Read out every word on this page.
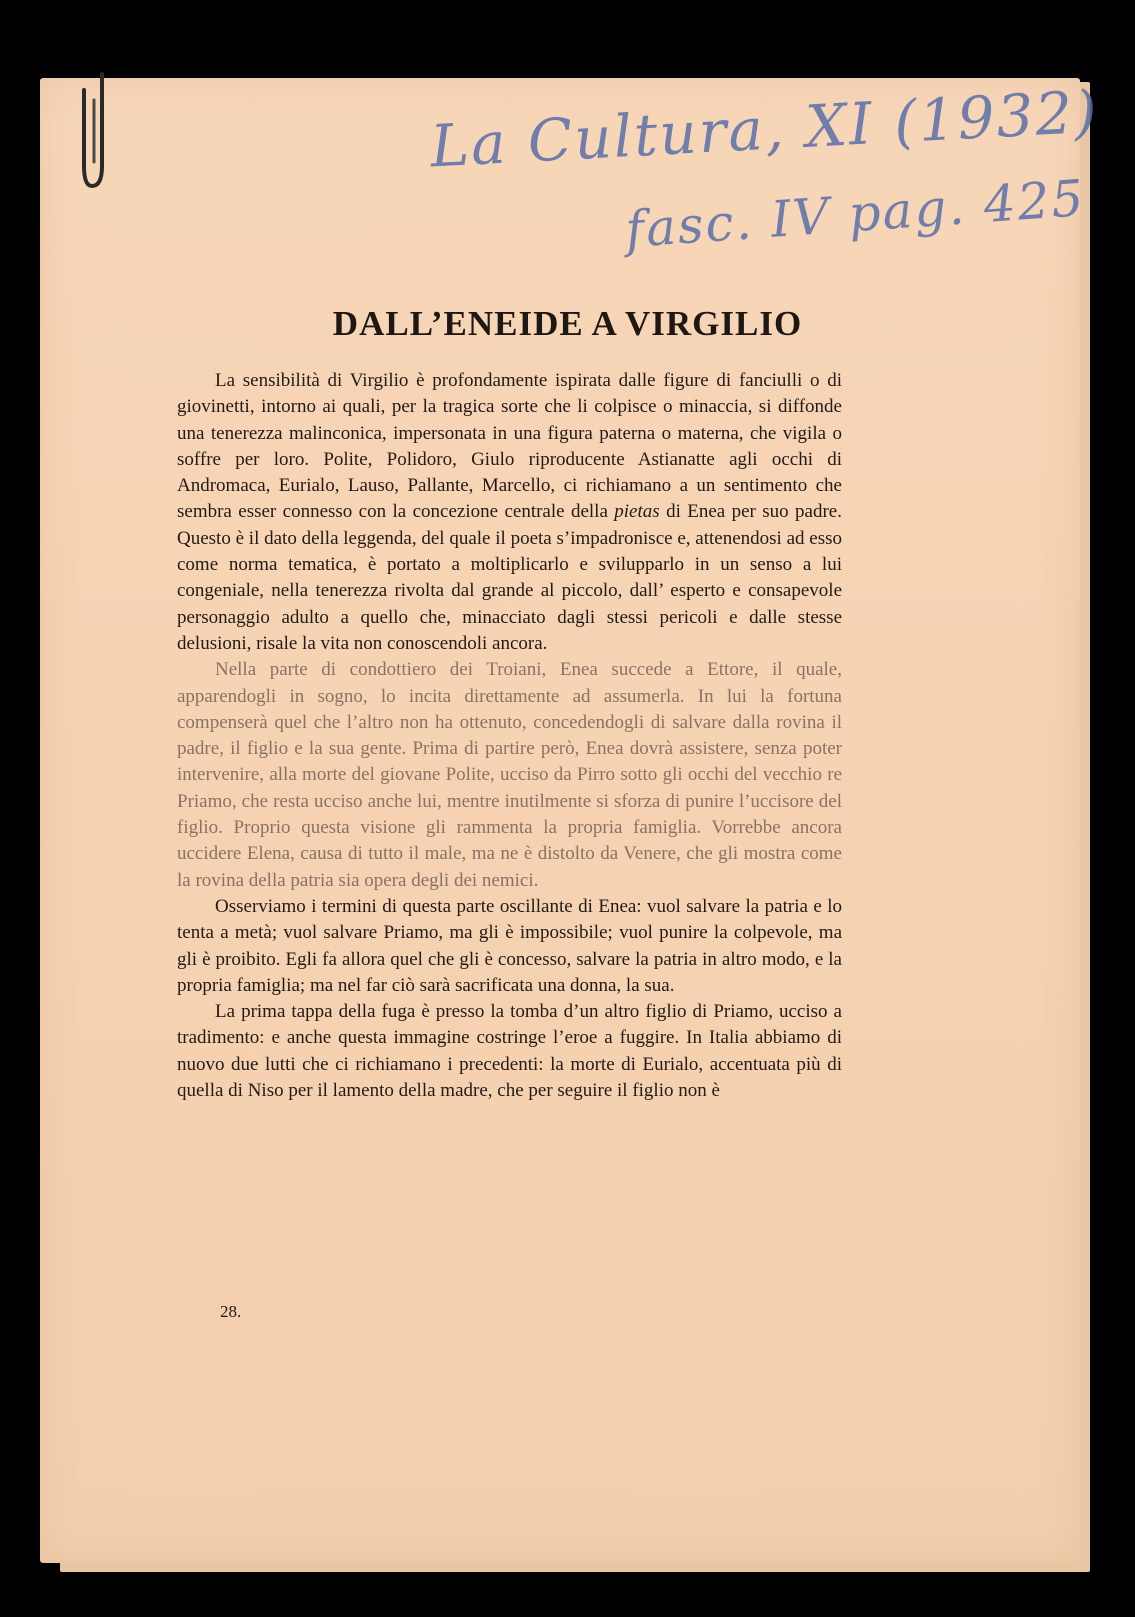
La Cultura, XI (1932)
fasc. IV pag. 425
DALL’ENEIDE A VIRGILIO

La sensibilità di Virgilio è profondamente ispirata dalle figure di fanciulli o di giovinetti, intorno ai quali, per la tragica sorte che li colpisce o minaccia, si diffonde una tenerezza malinconica, impersonata in una figura paterna o materna, che vigila o soffre per loro. Polite, Polidoro, Giulo riproducente Astianatte agli occhi di Andromaca, Eurialo, Lauso, Pallante, Marcello, ci richiamano a un sentimento che sembra esser connesso con la concezione centrale della pietas di Enea per suo padre. Questo è il dato della leggenda, del quale il poeta s’impadronisce e, attenendosi ad esso come norma tematica, è portato a moltiplicarlo e svilupparlo in un senso a lui congeniale, nella tenerezza rivolta dal grande al piccolo, dall’ esperto e consapevole personaggio adulto a quello che, minacciato dagli stessi pericoli e dalle stesse delusioni, risale la vita non conoscendoli ancora.

Nella parte di condottiero dei Troiani, Enea succede a Ettore, il quale, apparendogli in sogno, lo incita direttamente ad assumerla. In lui la fortuna compenserà quel che l’altro non ha ottenuto, concedendogli di salvare dalla rovina il padre, il figlio e la sua gente. Prima di partire però, Enea dovrà assistere, senza poter intervenire, alla morte del giovane Polite, ucciso da Pirro sotto gli occhi del vecchio re Priamo, che resta ucciso anche lui, mentre inutilmente si sforza di punire l’uccisore del figlio. Proprio questa visione gli rammenta la propria famiglia. Vorrebbe ancora uccidere Elena, causa di tutto il male, ma ne è distolto da Venere, che gli mostra come la rovina della patria sia opera degli dei nemici.

Osserviamo i termini di questa parte oscillante di Enea: vuol salvare la patria e lo tenta a metà; vuol salvare Priamo, ma gli è impossibile; vuol punire la colpevole, ma gli è proibito. Egli fa allora quel che gli è concesso, salvare la patria in altro modo, e la propria famiglia; ma nel far ciò sarà sacrificata una donna, la sua.

La prima tappa della fuga è presso la tomba d’un altro figlio di Priamo, ucciso a tradimento: e anche questa immagine costringe l’eroe a fuggire. In Italia abbiamo di nuovo due lutti che ci richiamano i precedenti: la morte di Eurialo, accentuata più di quella di Niso per il lamento della madre, che per seguire il figlio non è

28.
